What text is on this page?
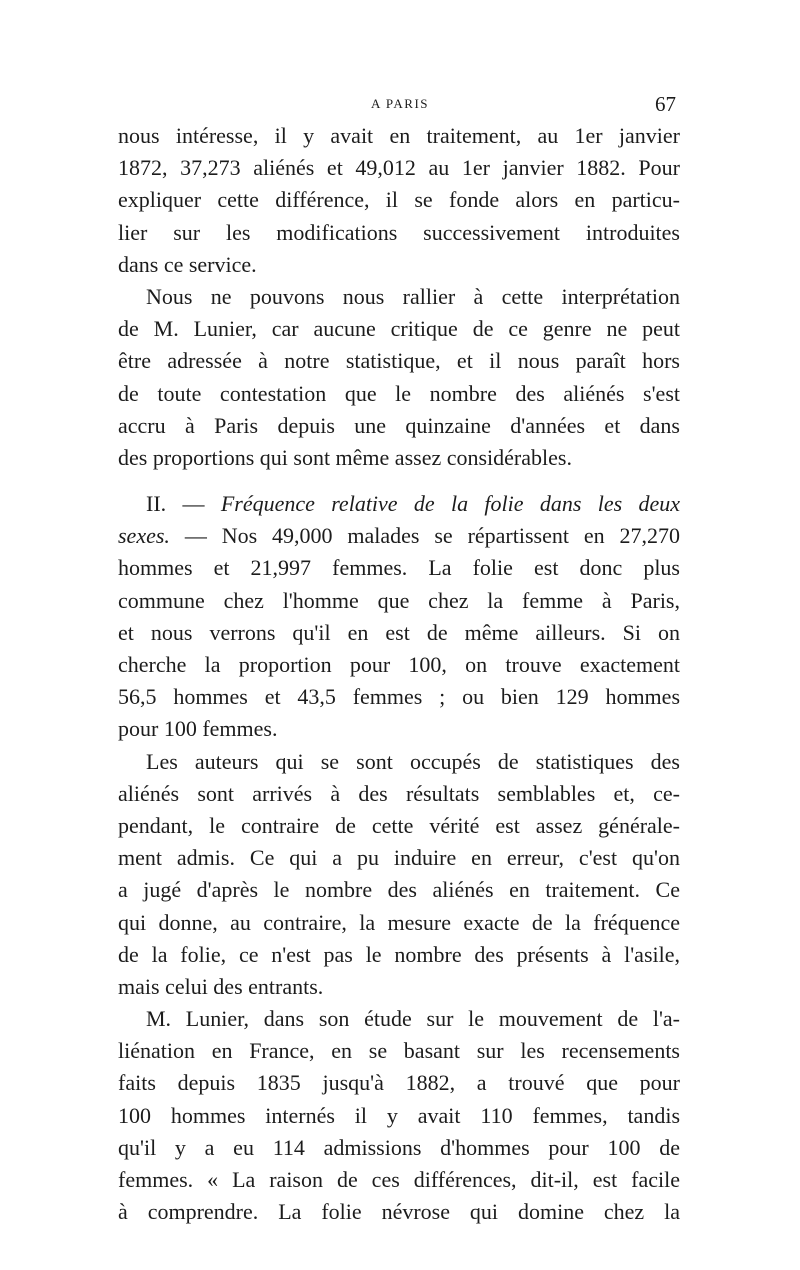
A PARIS	67
nous intéresse, il y avait en traitement, au 1er janvier
1872, 37,273 aliénés et 49,012 au 1er janvier 1882. Pour
expliquer cette différence, il se fonde alors en particu-
lier sur les modifications successivement introduites
dans ce service.
Nous ne pouvons nous rallier à cette interprétation
de M. Lunier, car aucune critique de ce genre ne peut
être adressée à notre statistique, et il nous paraît hors
de toute contestation que le nombre des aliénés s'est
accru à Paris depuis une quinzaine d'années et dans
des proportions qui sont même assez considérables.
II. — Fréquence relative de la folie dans les deux
sexes. — Nos 49,000 malades se répartissent en 27,270
hommes et 21,997 femmes. La folie est donc plus
commune chez l'homme que chez la femme à Paris,
et nous verrons qu'il en est de même ailleurs. Si on
cherche la proportion pour 100, on trouve exactement
56,5 hommes et 43,5 femmes ; ou bien 129 hommes
pour 100 femmes.
Les auteurs qui se sont occupés de statistiques des
aliénés sont arrivés à des résultats semblables et, ce-
pendant, le contraire de cette vérité est assez générale-
ment admis. Ce qui a pu induire en erreur, c'est qu'on
a jugé d'après le nombre des aliénés en traitement. Ce
qui donne, au contraire, la mesure exacte de la fréquence
de la folie, ce n'est pas le nombre des présents à l'asile,
mais celui des entrants.
M. Lunier, dans son étude sur le mouvement de l'a-
liénation en France, en se basant sur les recensements
faits depuis 1835 jusqu'à 1882, a trouvé que pour
100 hommes internés il y avait 110 femmes, tandis
qu'il y a eu 114 admissions d'hommes pour 100 de
femmes. « La raison de ces différences, dit-il, est facile
à comprendre. La folie névrose qui domine chez la
